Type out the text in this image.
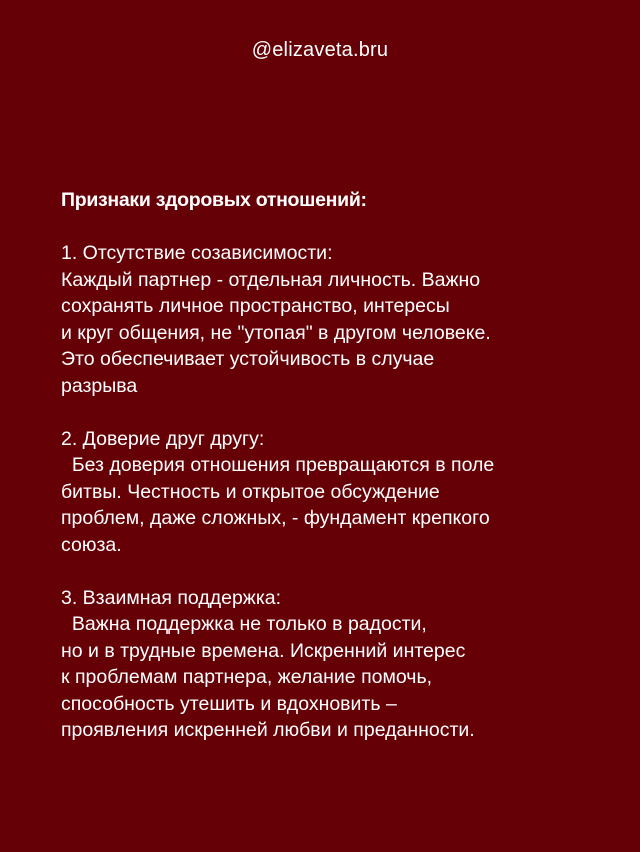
@elizaveta.bru
Признаки здоровых отношений:
1. Отсутствие созависимости:
Каждый партнер - отдельная личность. Важно
сохранять личное пространство, интересы
и круг общения, не "утопая" в другом человеке.
Это обеспечивает устойчивость в случае
разрыва
2. Доверие друг другу:
Без доверия отношения превращаются в поле
битвы. Честность и открытое обсуждение
проблем, даже сложных, - фундамент крепкого
союза.
3. Взаимная поддержка:
Важна поддержка не только в радости,
но и в трудные времена. Искренний интерес
к проблемам партнера, желание помочь,
способность утешить и вдохновить –
проявления искренней любви и преданности.
